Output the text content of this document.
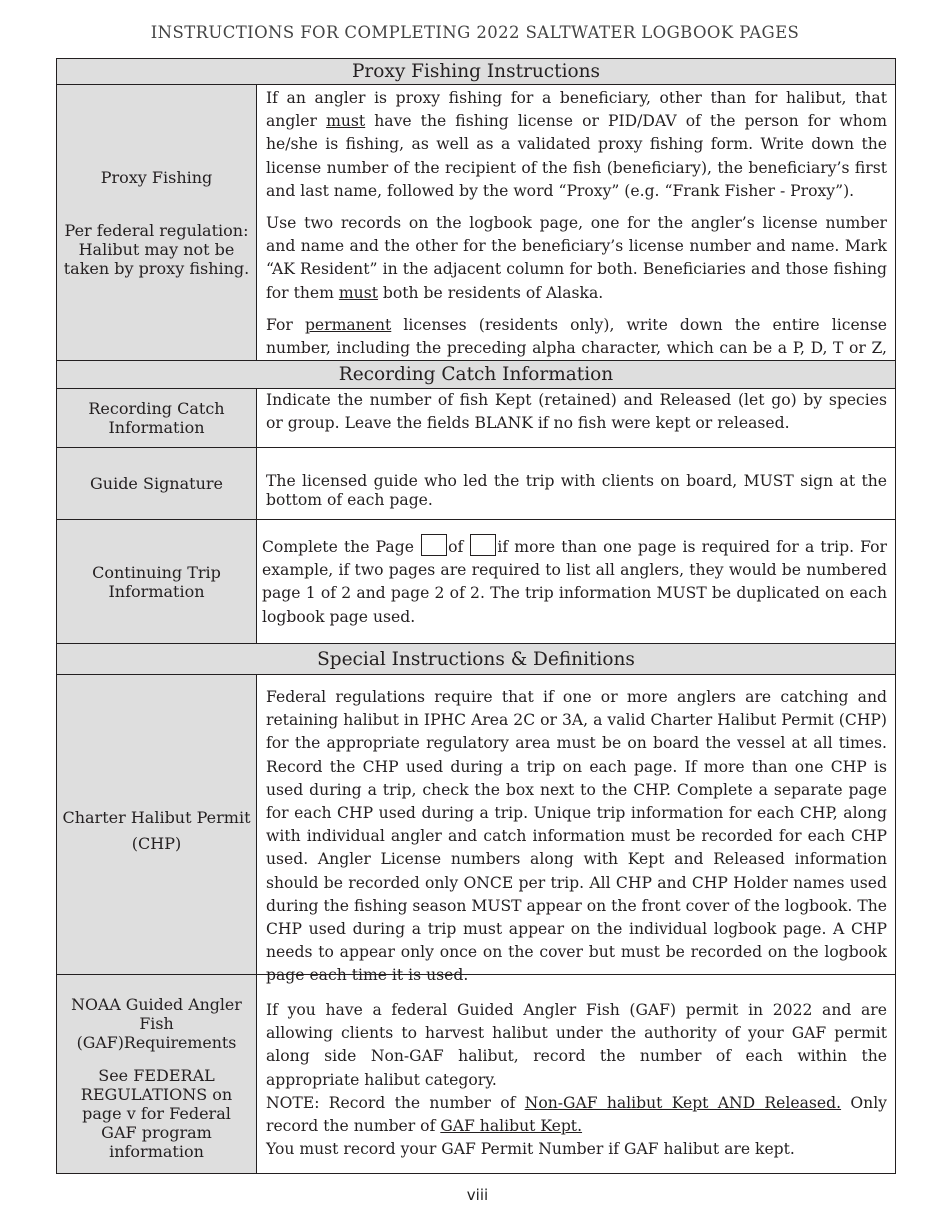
INSTRUCTIONS FOR COMPLETING 2022 SALTWATER LOGBOOK PAGES
Proxy Fishing Instructions
Proxy Fishing
Per federal regulation: Halibut may not be taken by proxy fishing.

If an angler is proxy fishing for a beneficiary, other than for halibut, that angler must have the fishing license or PID/DAV of the person for whom he/she is fishing, as well as a validated proxy fishing form. Write down the license number of the recipient of the fish (beneficiary), the beneficiary’s first and last name, followed by the word “Proxy” (e.g. “Frank Fisher - Proxy”).

Use two records on the logbook page, one for the angler’s license number and name and the other for the beneficiary’s license number and name. Mark “AK Resident” in the adjacent column for both. Beneficiaries and those fishing for them must both be residents of Alaska.

For permanent licenses (residents only), write down the entire license number, including the preceding alpha character, which can be a P, D, T or Z,

Recording Catch Information
Recording Catch Information

Indicate the number of fish Kept (retained) and Released (let go) by species or group. Leave the fields BLANK if no fish were kept or released.

Guide Signature	The licensed guide who led the trip with clients on board, MUST sign at the bottom of each page.

Continuing Trip Information

Complete the Page of if more than one page is required for a trip. For example, if two pages are required to list all anglers, they would be numbered page 1 of 2 and page 2 of 2. The trip information MUST be duplicated on each logbook page used.

Special Instructions & Definitions
Charter Halibut Permit
(CHP)

Federal regulations require that if one or more anglers are catching and retaining halibut in IPHC Area 2C or 3A, a valid Charter Halibut Permit (CHP) for the appropriate regulatory area must be on board the vessel at all times. Record the CHP used during a trip on each page. If more than one CHP is used during a trip, check the box next to the CHP. Complete a separate page for each CHP used during a trip. Unique trip information for each CHP, along with individual angler and catch information must be recorded for each CHP used. Angler License numbers along with Kept and Released information should be recorded only ONCE per trip. All CHP and CHP Holder names used during the fishing season MUST appear on the front cover of the logbook. The CHP used during a trip must appear on the individual logbook page. A CHP needs to appear only once on the cover but must be recorded on the logbook page each time it is used.

NOAA Guided Angler Fish (GAF)Requirements
See FEDERAL REGULATIONS on page v for Federal GAF program information

If you have a federal Guided Angler Fish (GAF) permit in 2022 and are allowing clients to harvest halibut under the authority of your GAF permit along side Non-GAF halibut, record the number of each within the appropriate halibut category.

NOTE: Record the number of Non-GAF halibut Kept AND Released. Only record the number of GAF halibut Kept.

You must record your GAF Permit Number if GAF halibut are kept.

viii
